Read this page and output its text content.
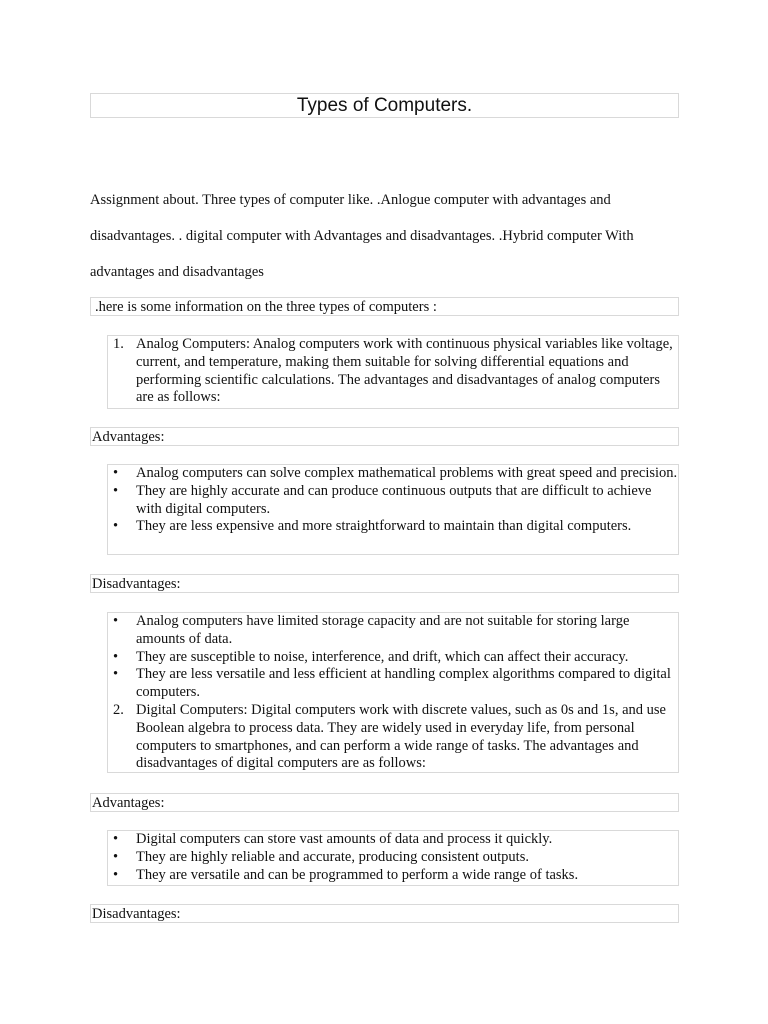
Types of Computers.

Assignment about. Three types of computer like. .Anlogue computer with advantages and

disadvantages. . digital computer with Advantages and disadvantages. .Hybrid computer With

advantages and disadvantages

.here is some information on the three types of computers :
1. Analog Computers: Analog computers work with continuous physical variables like voltage, current, and temperature, making them suitable for solving differential equations and performing scientific calculations. The advantages and disadvantages of analog computers are as follows:
Advantages:
•	Analog computers can solve complex mathematical problems with great speed and precision.
•	They are highly accurate and can produce continuous outputs that are difficult to achieve with digital computers.
•	They are less expensive and more straightforward to maintain than digital computers.
Disadvantages:
•	Analog computers have limited storage capacity and are not suitable for storing large amounts of data.
•	They are susceptible to noise, interference, and drift, which can affect their accuracy.
•	They are less versatile and less efficient at handling complex algorithms compared to digital computers.
2. Digital Computers: Digital computers work with discrete values, such as 0s and 1s, and use Boolean algebra to process data. They are widely used in everyday life, from personal computers to smartphones, and can perform a wide range of tasks. The advantages and disadvantages of digital computers are as follows:
Advantages:
•	Digital computers can store vast amounts of data and process it quickly.
•	They are highly reliable and accurate, producing consistent outputs.
•	They are versatile and can be programmed to perform a wide range of tasks.
Disadvantages:
